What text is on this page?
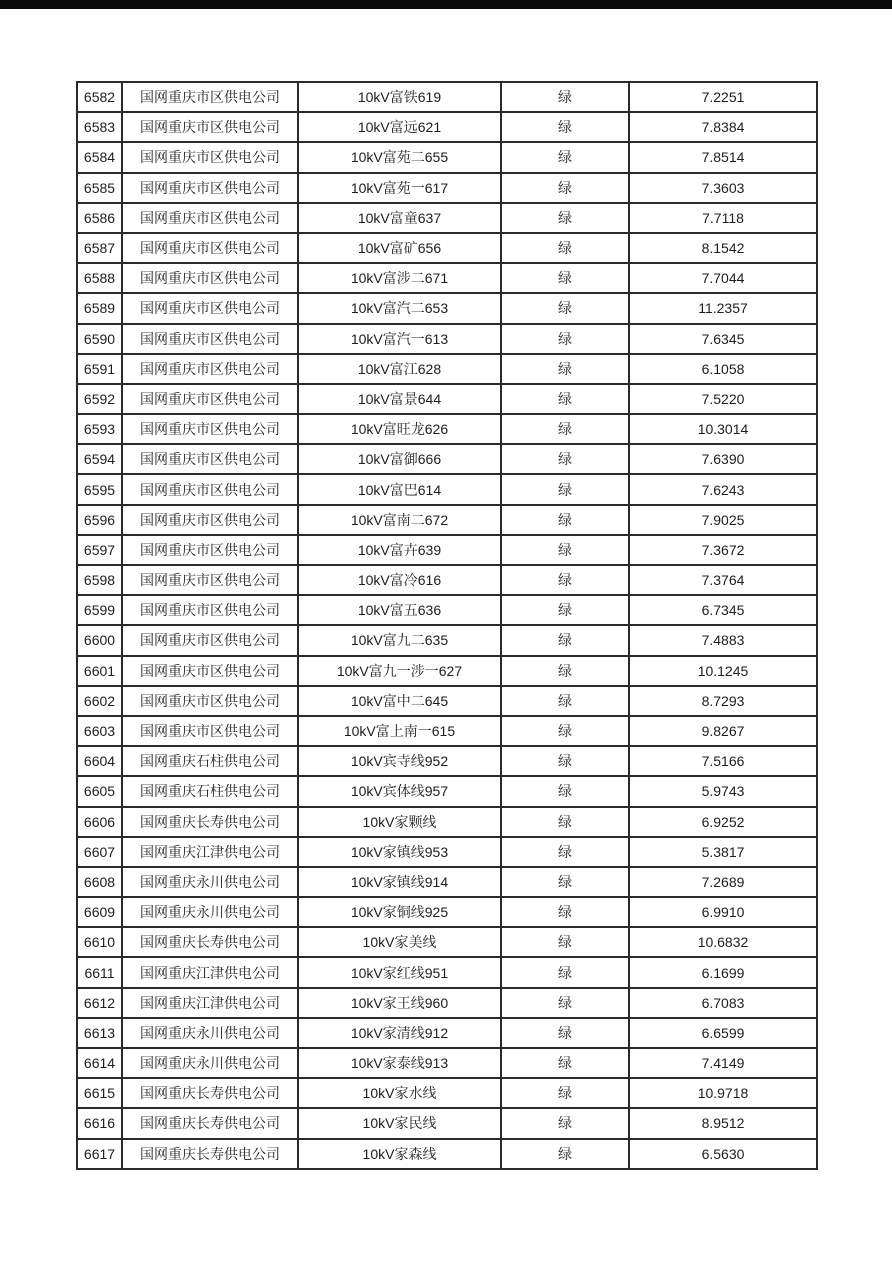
6582	国网重庆市区供电公司	10kV富铁619	绿	7.2251
6583	国网重庆市区供电公司	10kV富远621	绿	7.8384
6584	国网重庆市区供电公司	10kV富苑二655	绿	7.8514
6585	国网重庆市区供电公司	10kV富苑一617	绿	7.3603
6586	国网重庆市区供电公司	10kV富童637	绿	7.7118
6587	国网重庆市区供电公司	10kV富矿656	绿	8.1542
6588	国网重庆市区供电公司	10kV富涉二671	绿	7.7044
6589	国网重庆市区供电公司	10kV富汽二653	绿	11.2357
6590	国网重庆市区供电公司	10kV富汽一613	绿	7.6345
6591	国网重庆市区供电公司	10kV富江628	绿	6.1058
6592	国网重庆市区供电公司	10kV富景644	绿	7.5220
6593	国网重庆市区供电公司	10kV富旺龙626	绿	10.3014
6594	国网重庆市区供电公司	10kV富御666	绿	7.6390
6595	国网重庆市区供电公司	10kV富巴614	绿	7.6243
6596	国网重庆市区供电公司	10kV富南二672	绿	7.9025
6597	国网重庆市区供电公司	10kV富卉639	绿	7.3672
6598	国网重庆市区供电公司	10kV富冷616	绿	7.3764
6599	国网重庆市区供电公司	10kV富五636	绿	6.7345
6600	国网重庆市区供电公司	10kV富九二635	绿	7.4883
6601	国网重庆市区供电公司	10kV富九一涉一627	绿	10.1245
6602	国网重庆市区供电公司	10kV富中二645	绿	8.7293
6603	国网重庆市区供电公司	10kV富上南一615	绿	9.8267
6604	国网重庆石柱供电公司	10kV宾寺线952	绿	7.5166
6605	国网重庆石柱供电公司	10kV宾体线957	绿	5.9743
6606	国网重庆长寿供电公司	10kV家颗线	绿	6.9252
6607	国网重庆江津供电公司	10kV家镇线953	绿	5.3817
6608	国网重庆永川供电公司	10kV家镇线914	绿	7.2689
6609	国网重庆永川供电公司	10kV家铜线925	绿	6.9910
6610	国网重庆长寿供电公司	10kV家美线	绿	10.6832
6611	国网重庆江津供电公司	10kV家红线951	绿	6.1699
6612	国网重庆江津供电公司	10kV家王线960	绿	6.7083
6613	国网重庆永川供电公司	10kV家清线912	绿	6.6599
6614	国网重庆永川供电公司	10kV家泰线913	绿	7.4149
6615	国网重庆长寿供电公司	10kV家水线	绿	10.9718
6616	国网重庆长寿供电公司	10kV家民线	绿	8.9512
6617	国网重庆长寿供电公司	10kV家森线	绿	6.5630
